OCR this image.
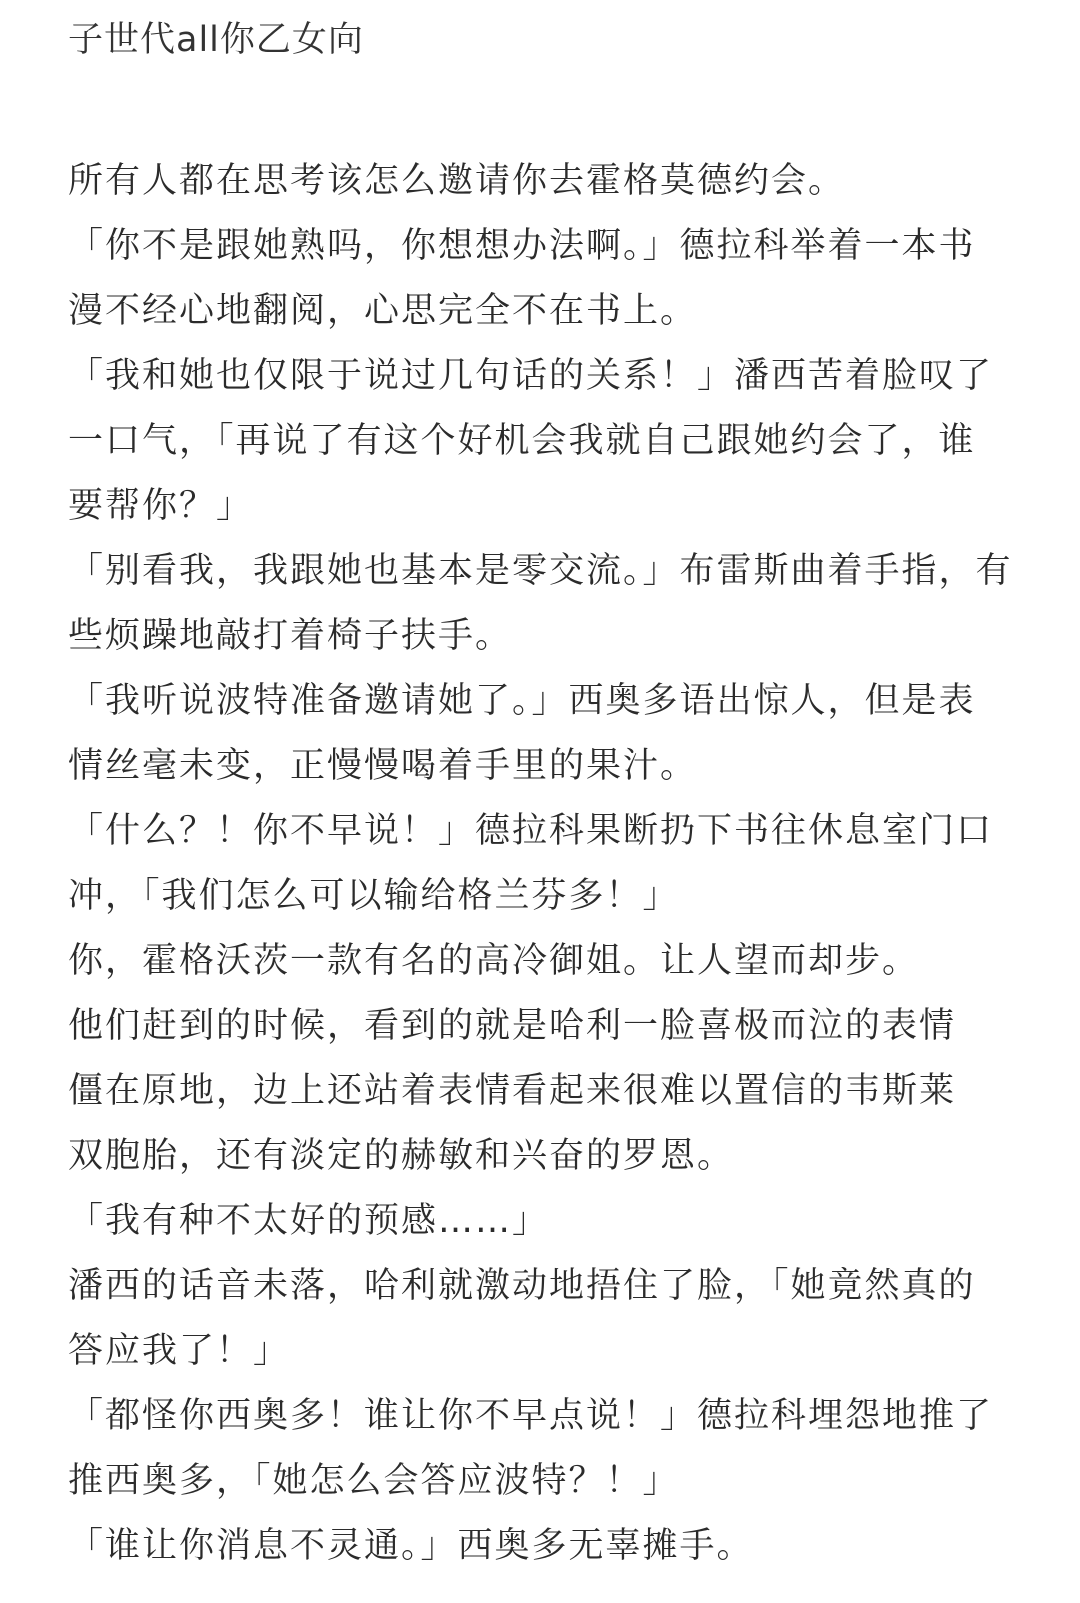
子世代all你乙女向
所有人都在思考该怎么邀请你去霍格莫德约会。
「你不是跟她熟吗，你想想办法啊。」德拉科举着一本书
漫不经心地翻阅，心思完全不在书上。
「我和她也仅限于说过几句话的关系！」潘西苦着脸叹了
一口气，「再说了有这个好机会我就自己跟她约会了，谁
要帮你？」
「别看我，我跟她也基本是零交流。」布雷斯曲着手指，有
些烦躁地敲打着椅子扶手。
「我听说波特准备邀请她了。」西奥多语出惊人，但是表
情丝毫未变，正慢慢喝着手里的果汁。
「什么？！你不早说！」德拉科果断扔下书往休息室门口
冲，「我们怎么可以输给格兰芬多！」
你，霍格沃茨一款有名的高冷御姐。让人望而却步。
他们赶到的时候，看到的就是哈利一脸喜极而泣的表情
僵在原地，边上还站着表情看起来很难以置信的韦斯莱
双胞胎，还有淡定的赫敏和兴奋的罗恩。
「我有种不太好的预感……」
潘西的话音未落，哈利就激动地捂住了脸，「她竟然真的
答应我了！」
「都怪你西奥多！谁让你不早点说！」德拉科埋怨地推了
推西奥多，「她怎么会答应波特？！」
「谁让你消息不灵通。」西奥多无辜摊手。
